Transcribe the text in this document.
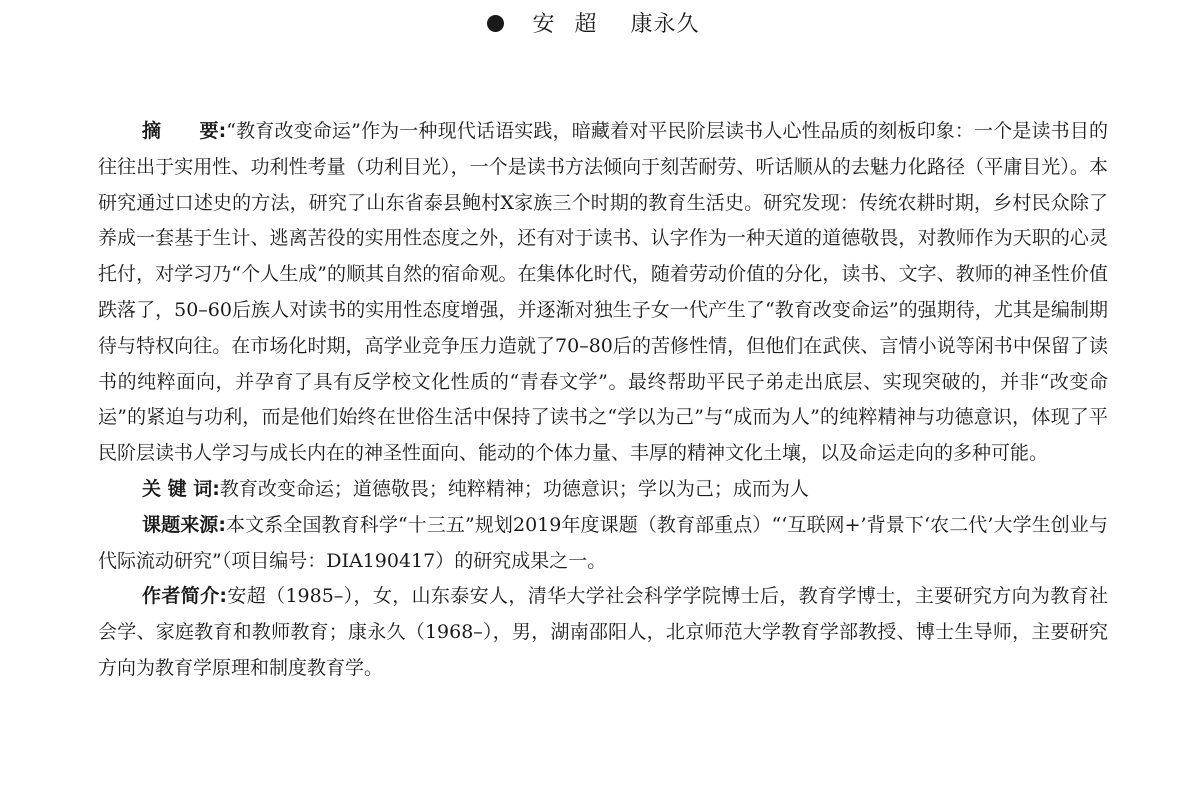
安超 康永久

摘　　要:“教育改变命运”作为一种现代话语实践，暗藏着对平民阶层读书人心性品质的刻板印象：一个是读书目的往往出于实用性、功利性考量（功利目光），一个是读书方法倾向于刻苦耐劳、听话顺从的去魅力化路径（平庸目光）。本研究通过口述史的方法，研究了山东省泰县鲍村X家族三个时期的教育生活史。研究发现：传统农耕时期，乡村民众除了养成一套基于生计、逃离苦役的实用性态度之外，还有对于读书、认字作为一种天道的道德敬畏，对教师作为天职的心灵托付，对学习乃“个人生成”的顺其自然的宿命观。在集体化时代，随着劳动价值的分化，读书、文字、教师的神圣性价值跌落了，50–60后族人对读书的实用性态度增强，并逐渐对独生子女一代产生了“教育改变命运”的强期待，尤其是编制期待与特权向往。在市场化时期，高学业竞争压力造就了70–80后的苦修性情，但他们在武侠、言情小说等闲书中保留了读书的纯粹面向，并孕育了具有反学校文化性质的“青春文学”。最终帮助平民子弟走出底层、实现突破的，并非“改变命运”的紧迫与功利，而是他们始终在世俗生活中保持了读书之“学以为己”与“成而为人”的纯粹精神与功德意识，体现了平民阶层读书人学习与成长内在的神圣性面向、能动的个体力量、丰厚的精神文化土壤，以及命运走向的多种可能。

关 键 词:教育改变命运；道德敬畏；纯粹精神；功德意识；学以为己；成而为人

课题来源:本文系全国教育科学“十三五”规划2019年度课题（教育部重点）“‘互联网+’背景下‘农二代’大学生创业与代际流动研究”（项目编号：DIA190417）的研究成果之一。

作者简介:安超（1985–），女，山东泰安人，清华大学社会科学学院博士后，教育学博士，主要研究方向为教育社会学、家庭教育和教师教育；康永久（1968–），男，湖南邵阳人，北京师范大学教育学部教授、博士生导师，主要研究方向为教育学原理和制度教育学。
